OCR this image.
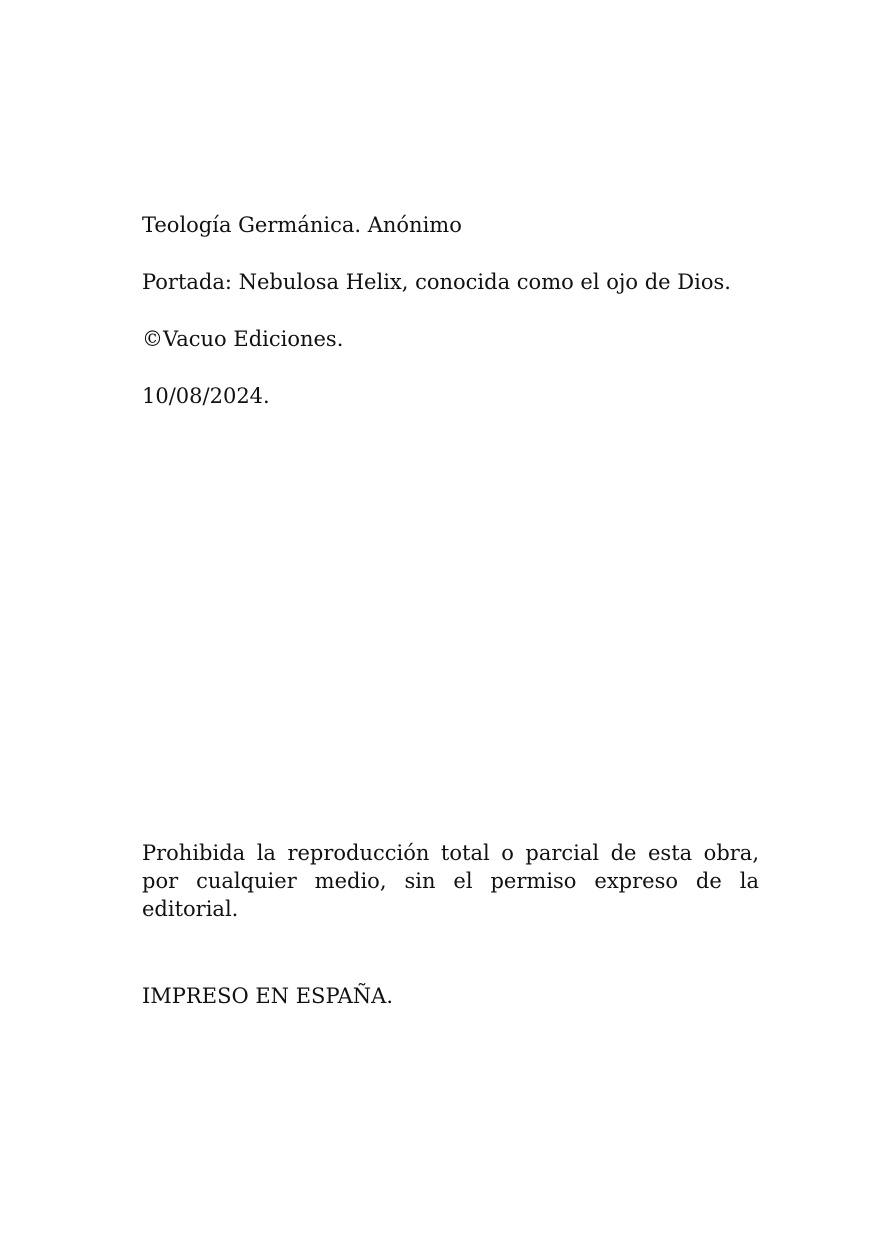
Teología Germánica. Anónimo

Portada: Nebulosa Helix, conocida como el ojo de Dios.

©Vacuo Ediciones.

10/08/2024.

Prohibida la reproducción total o parcial de esta obra, por cualquier medio, sin el permiso expreso de la editorial.

IMPRESO EN ESPAÑA.
